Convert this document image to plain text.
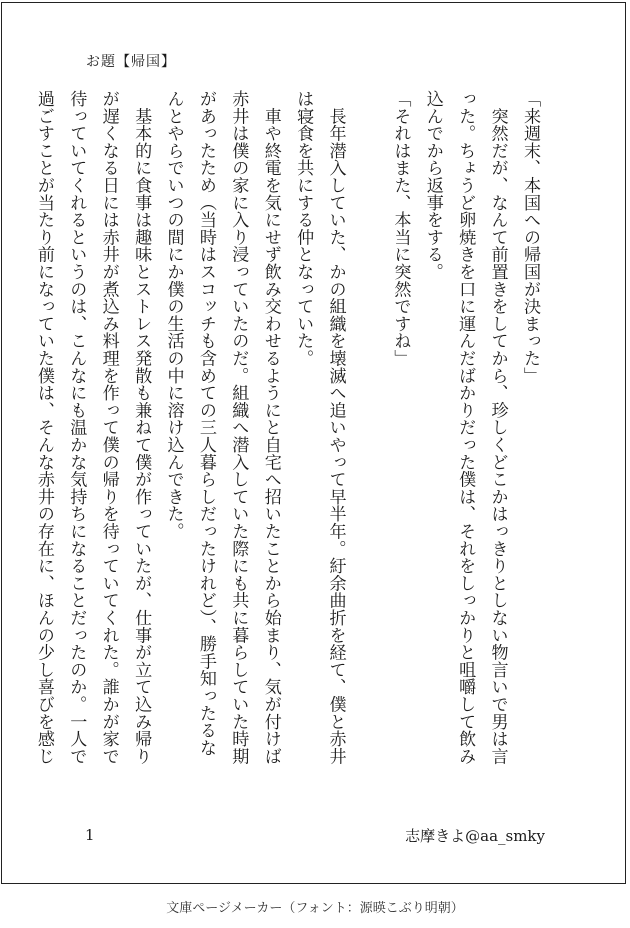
お題【帰国】

「来週末、本国への帰国が決まった」

　突然だが、なんて前置きをしてから、珍しくどこかはっきりとしない物言いで男は言

った。ちょうど卵焼きを口に運んだばかりだった僕は、それをしっかりと咀嚼して飲み

込んでから返事をする。

「それはまた、本当に突然ですね」

　長年潜入していた、かの組織を壊滅へ追いやって早半年。紆余曲折を経て、僕と赤井

は寝食を共にする仲となっていた。

　車や終電を気にせず飲み交わせるようにと自宅へ招いたことから始まり、気が付けば

赤井は僕の家に入り浸っていたのだ。組織へ潜入していた際にも共に暮らしていた時期

があったため（当時はスコッチも含めての三人暮らしだったけれど）、勝手知ったるな

んとやらでいつの間にか僕の生活の中に溶け込んできた。

　基本的に食事は趣味とストレス発散も兼ねて僕が作っていたが、仕事が立て込み帰り

が遅くなる日には赤井が煮込み料理を作って僕の帰りを待っていてくれた。誰かが家で

待っていてくれるというのは、こんなにも温かな気持ちになることだったのか。一人で

過ごすことが当たり前になっていた僕は、そんな赤井の存在に、ほんの少し喜びを感じ

1	志摩きよ@aa_smky
文庫ページメーカー（フォント：源暎こぶり明朝）
